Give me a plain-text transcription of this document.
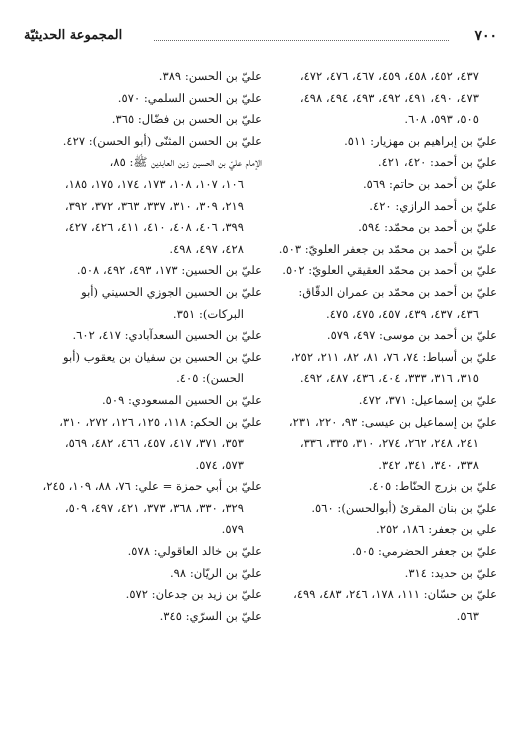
٧٠٠
المجموعة الحديثيّة
٤٣٧، ٤٥٢، ٤٥٨، ٤٥٩، ٤٦٧، ٤٧٦، ٤٧٢،
٤٧٣، ٤٩٠، ٤٩١، ٤٩٢، ٤٩٣، ٤٩٤، ٤٩٨،
٥٠٥، ٥٩٣، ٦٠٨.
عليّ بن إبراهيم بن مهزيار: ٥١١.
عليّ بن أحمد: ٤٢٠، ٤٢١.
عليّ بن أحمد بن حاتم: ٥٦٩.
عليّ بن أحمد الرازي: ٤٢٠.
عليّ بن أحمد بن محمّد: ٥٩٤.
عليّ بن أحمد بن محمّد بن جعفر العلويّ: ٥٠٣.
عليّ بن أحمد بن محمّد العقيقي العلويّ: ٥٠٢.
عليّ بن أحمد بن محمّد بن عمران الدقّاق:
٤٣٦، ٤٣٧، ٤٣٩، ٤٥٧، ٤٧٥، ٤٧٥.
عليّ بن أحمد بن موسى: ٤٩٧، ٥٧٩.
عليّ بن أسباط: ٧٤، ٧٦، ٨١، ٨٢، ٢١١، ٢٥٢،
٣١٥، ٣١٦، ٣٣٣، ٤٠٤، ٤٣٦، ٤٨٧، ٤٩٢.
عليّ بن إسماعيل: ٣٧١، ٤٧٢.
عليّ بن إسماعيل بن عيسى: ٩٣، ٢٢٠، ٢٣١،
٢٤١، ٢٤٨، ٢٦٢، ٢٧٤، ٣١٠، ٣٣٥، ٣٣٦،
٣٣٨، ٣٤٠، ٣٤١، ٣٤٢.
عليّ بن بزرج الحنّاط: ٤٠٥.
عليّ بن بنان المقرئ (أبوالحسن): ٥٦٠.
علي بن جعفر: ١٨٦، ٢٥٢.
عليّ بن جعفر الحضرمي: ٥٠٥.
عليّ بن حديد: ٣١٤.
عليّ بن حسّان: ١١١، ١٧٨، ٢٤٦، ٤٨٣، ٤٩٩،
٥٦٣.
عليّ بن الحسن: ٣٨٩.
عليّ بن الحسن السلمي: ٥٧٠.
عليّ بن الحسن بن فضّال: ٣٦٥.
عليّ بن الحسن المثنّى (أبو الحسن): ٤٢٧.
الإمام عليّ بن الحسين زين العابدين ﷺ: ٨٥،
١٠٦، ١٠٧، ١٠٨، ١٧٣، ١٧٤، ١٧٥، ١٨٥،
٢١٩، ٣٠٩، ٣١٠، ٣٣٧، ٣٦٣، ٣٧٢، ٣٩٢،
٣٩٩، ٤٠٦، ٤٠٨، ٤١٠، ٤١١، ٤٢٦، ٤٢٧،
٤٢٨، ٤٩٧، ٤٩٨.
عليّ بن الحسين: ١٧٣، ٤٩٣، ٤٩٢، ٥٠٨.
عليّ بن الحسين الجوزي الحسيني (أبو
البركات): ٣٥١.
عليّ بن الحسين السعدآبادي: ٤١٧، ٦٠٢.
عليّ بن الحسين بن سفيان بن يعقوب (أبو
الحسن): ٤٠٥.
عليّ بن الحسين المسعودي: ٥٠٩.
عليّ بن الحكم: ١١٨، ١٢٥، ١٢٦، ٢٧٢، ٣١٠،
٣٥٣، ٣٧١، ٤١٧، ٤٥٧، ٤٦٦، ٤٨٢، ٥٦٩،
٥٧٣، ٥٧٤.
عليّ بن أبي حمزة = علي: ٧٦، ٨٨، ١٠٩، ٢٤٥،
٣٢٩، ٣٣٠، ٣٦٨، ٣٧٣، ٤٢١، ٤٩٧، ٥٠٩،
٥٧٩.
عليّ بن خالد العاقولي: ٥٧٨.
عليّ بن الريّان: ٩٨.
عليّ بن زيد بن جدعان: ٥٧٢.
عليّ بن السرّي: ٣٤٥.
